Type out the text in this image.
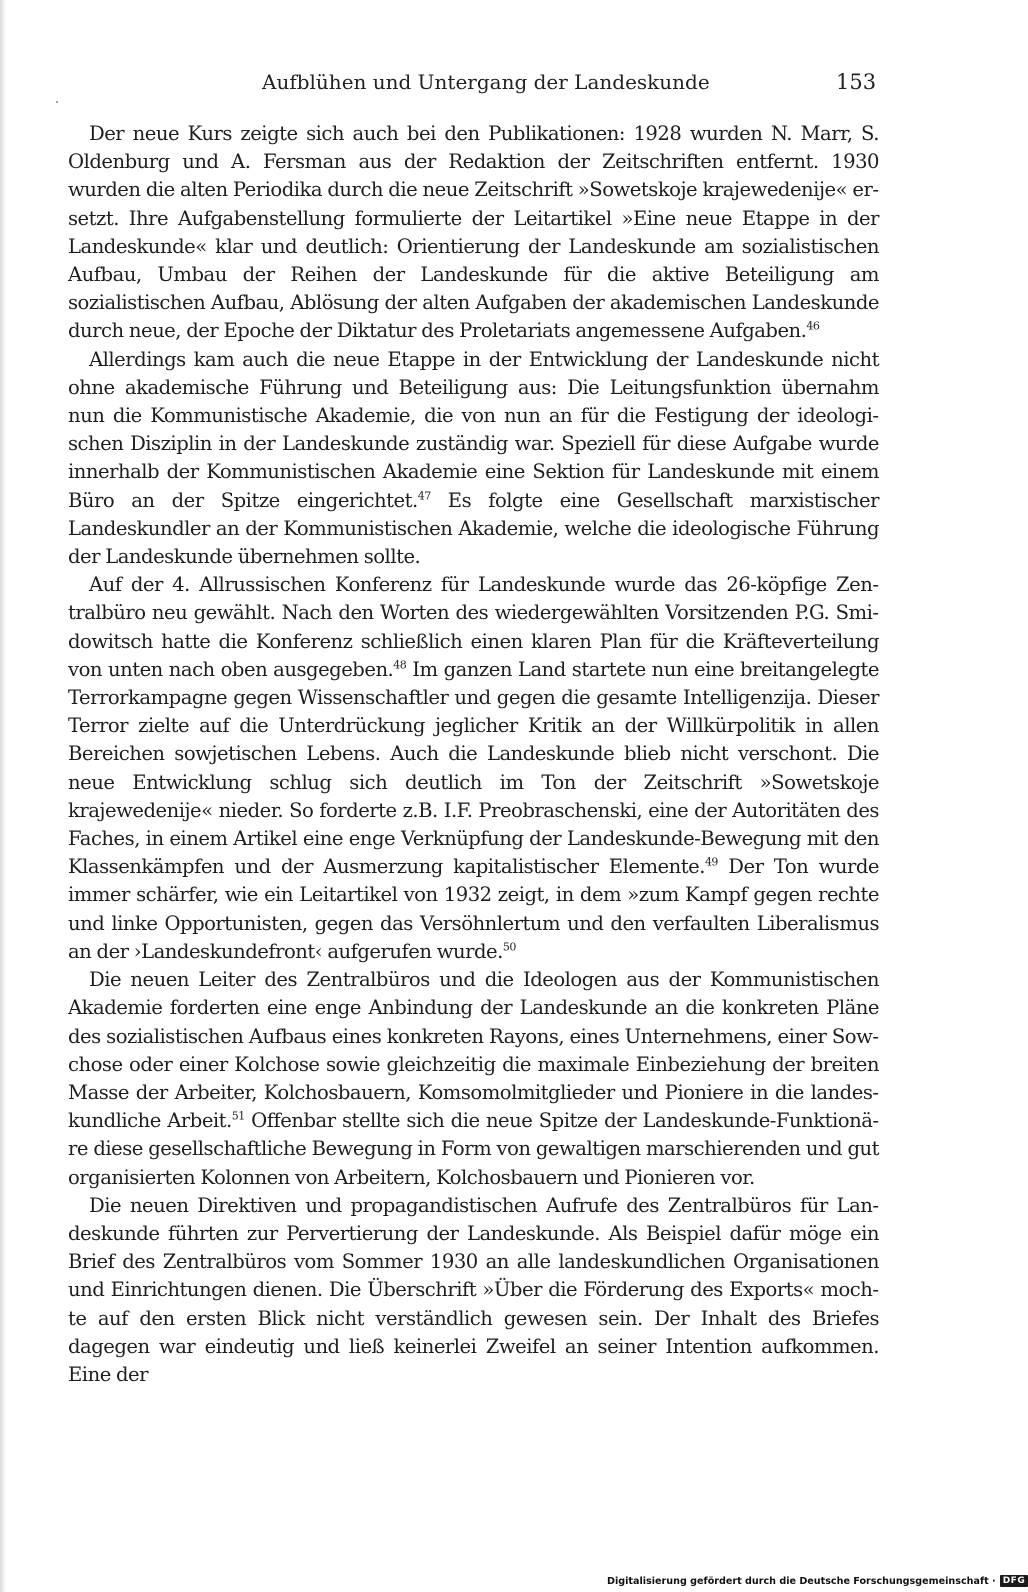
Aufblühen und Untergang der Landeskunde	153

Der neue Kurs zeigte sich auch bei den Publikationen: 1928 wurden N. Marr, S. Oldenburg und A. Fersman aus der Redaktion der Zeitschriften entfernt. 1930 wurden die alten Periodika durch die neue Zeitschrift »Sowetskoje krajewedenije« ersetzt. Ihre Aufgabenstellung formulierte der Leitartikel »Eine neue Etappe in der Landeskunde« klar und deutlich: Orientierung der Landeskunde am sozialistischen Aufbau, Umbau der Reihen der Landeskunde für die aktive Beteiligung am sozialistischen Aufbau, Ablösung der alten Aufgaben der akademischen Landeskunde durch neue, der Epoche der Diktatur des Proletariats angemessene Aufgaben.$^{46}$

Allerdings kam auch die neue Etappe in der Entwicklung der Landeskunde nicht ohne akademische Führung und Beteiligung aus: Die Leitungsfunktion übernahm nun die Kommunistische Akademie, die von nun an für die Festigung der ideologischen Disziplin in der Landeskunde zuständig war. Speziell für diese Aufgabe wurde innerhalb der Kommunistischen Akademie eine Sektion für Landeskunde mit einem Büro an der Spitze eingerichtet.$^{47}$ Es folgte eine Gesellschaft marxistischer Landeskundler an der Kommunistischen Akademie, welche die ideologische Führung der Landeskunde übernehmen sollte.

Auf der 4. Allrussischen Konferenz für Landeskunde wurde das 26-köpfige Zentralbüro neu gewählt. Nach den Worten des wiedergewählten Vorsitzenden P.G. Smidowitsch hatte die Konferenz schließlich einen klaren Plan für die Kräfteverteilung von unten nach oben ausgegeben.$^{48}$ Im ganzen Land startete nun eine breitangelegte Terrorkampagne gegen Wissenschaftler und gegen die gesamte Intelligenzija. Dieser Terror zielte auf die Unterdrückung jeglicher Kritik an der Willkürpolitik in allen Bereichen sowjetischen Lebens. Auch die Landeskunde blieb nicht verschont. Die neue Entwicklung schlug sich deutlich im Ton der Zeitschrift »Sowetskoje krajewedenije« nieder. So forderte z.B. I.F. Preobraschenski, eine der Autoritäten des Faches, in einem Artikel eine enge Verknüpfung der Landeskunde-Bewegung mit den Klassenkämpfen und der Ausmerzung kapitalistischer Elemente.$^{49}$ Der Ton wurde immer schärfer, wie ein Leitartikel von 1932 zeigt, in dem »zum Kampf gegen rechte und linke Opportunisten, gegen das Versöhnlertum und den verfaulten Liberalismus an der ›Landeskundefront‹ aufgerufen wurde.$^{50}$

Die neuen Leiter des Zentralbüros und die Ideologen aus der Kommunistischen Akademie forderten eine enge Anbindung der Landeskunde an die konkreten Pläne des sozialistischen Aufbaus eines konkreten Rayons, eines Unternehmens, einer Sowchose oder einer Kolchose sowie gleichzeitig die maximale Einbeziehung der breiten Masse der Arbeiter, Kolchosbauern, Komsomolmitglieder und Pioniere in die landeskundliche Arbeit.$^{51}$ Offenbar stellte sich die neue Spitze der Landeskunde-Funktionäre diese gesellschaftliche Bewegung in Form von gewaltigen marschierenden und gut organisierten Kolonnen von Arbeitern, Kolchosbauern und Pionieren vor.

Die neuen Direktiven und propagandistischen Aufrufe des Zentralbüros für Landeskunde führten zur Pervertierung der Landeskunde. Als Beispiel dafür möge ein Brief des Zentralbüros vom Sommer 1930 an alle landeskundlichen Organisationen und Einrichtungen dienen. Die Überschrift »Über die Förderung des Exports« mochte auf den ersten Blick nicht verständlich gewesen sein. Der Inhalt des Briefes dagegen war eindeutig und ließ keinerlei Zweifel an seiner Intention aufkommen. Eine der

Digitalisierung gefördert durch die Deutsche Forschungsgemeinschaft · DFG
